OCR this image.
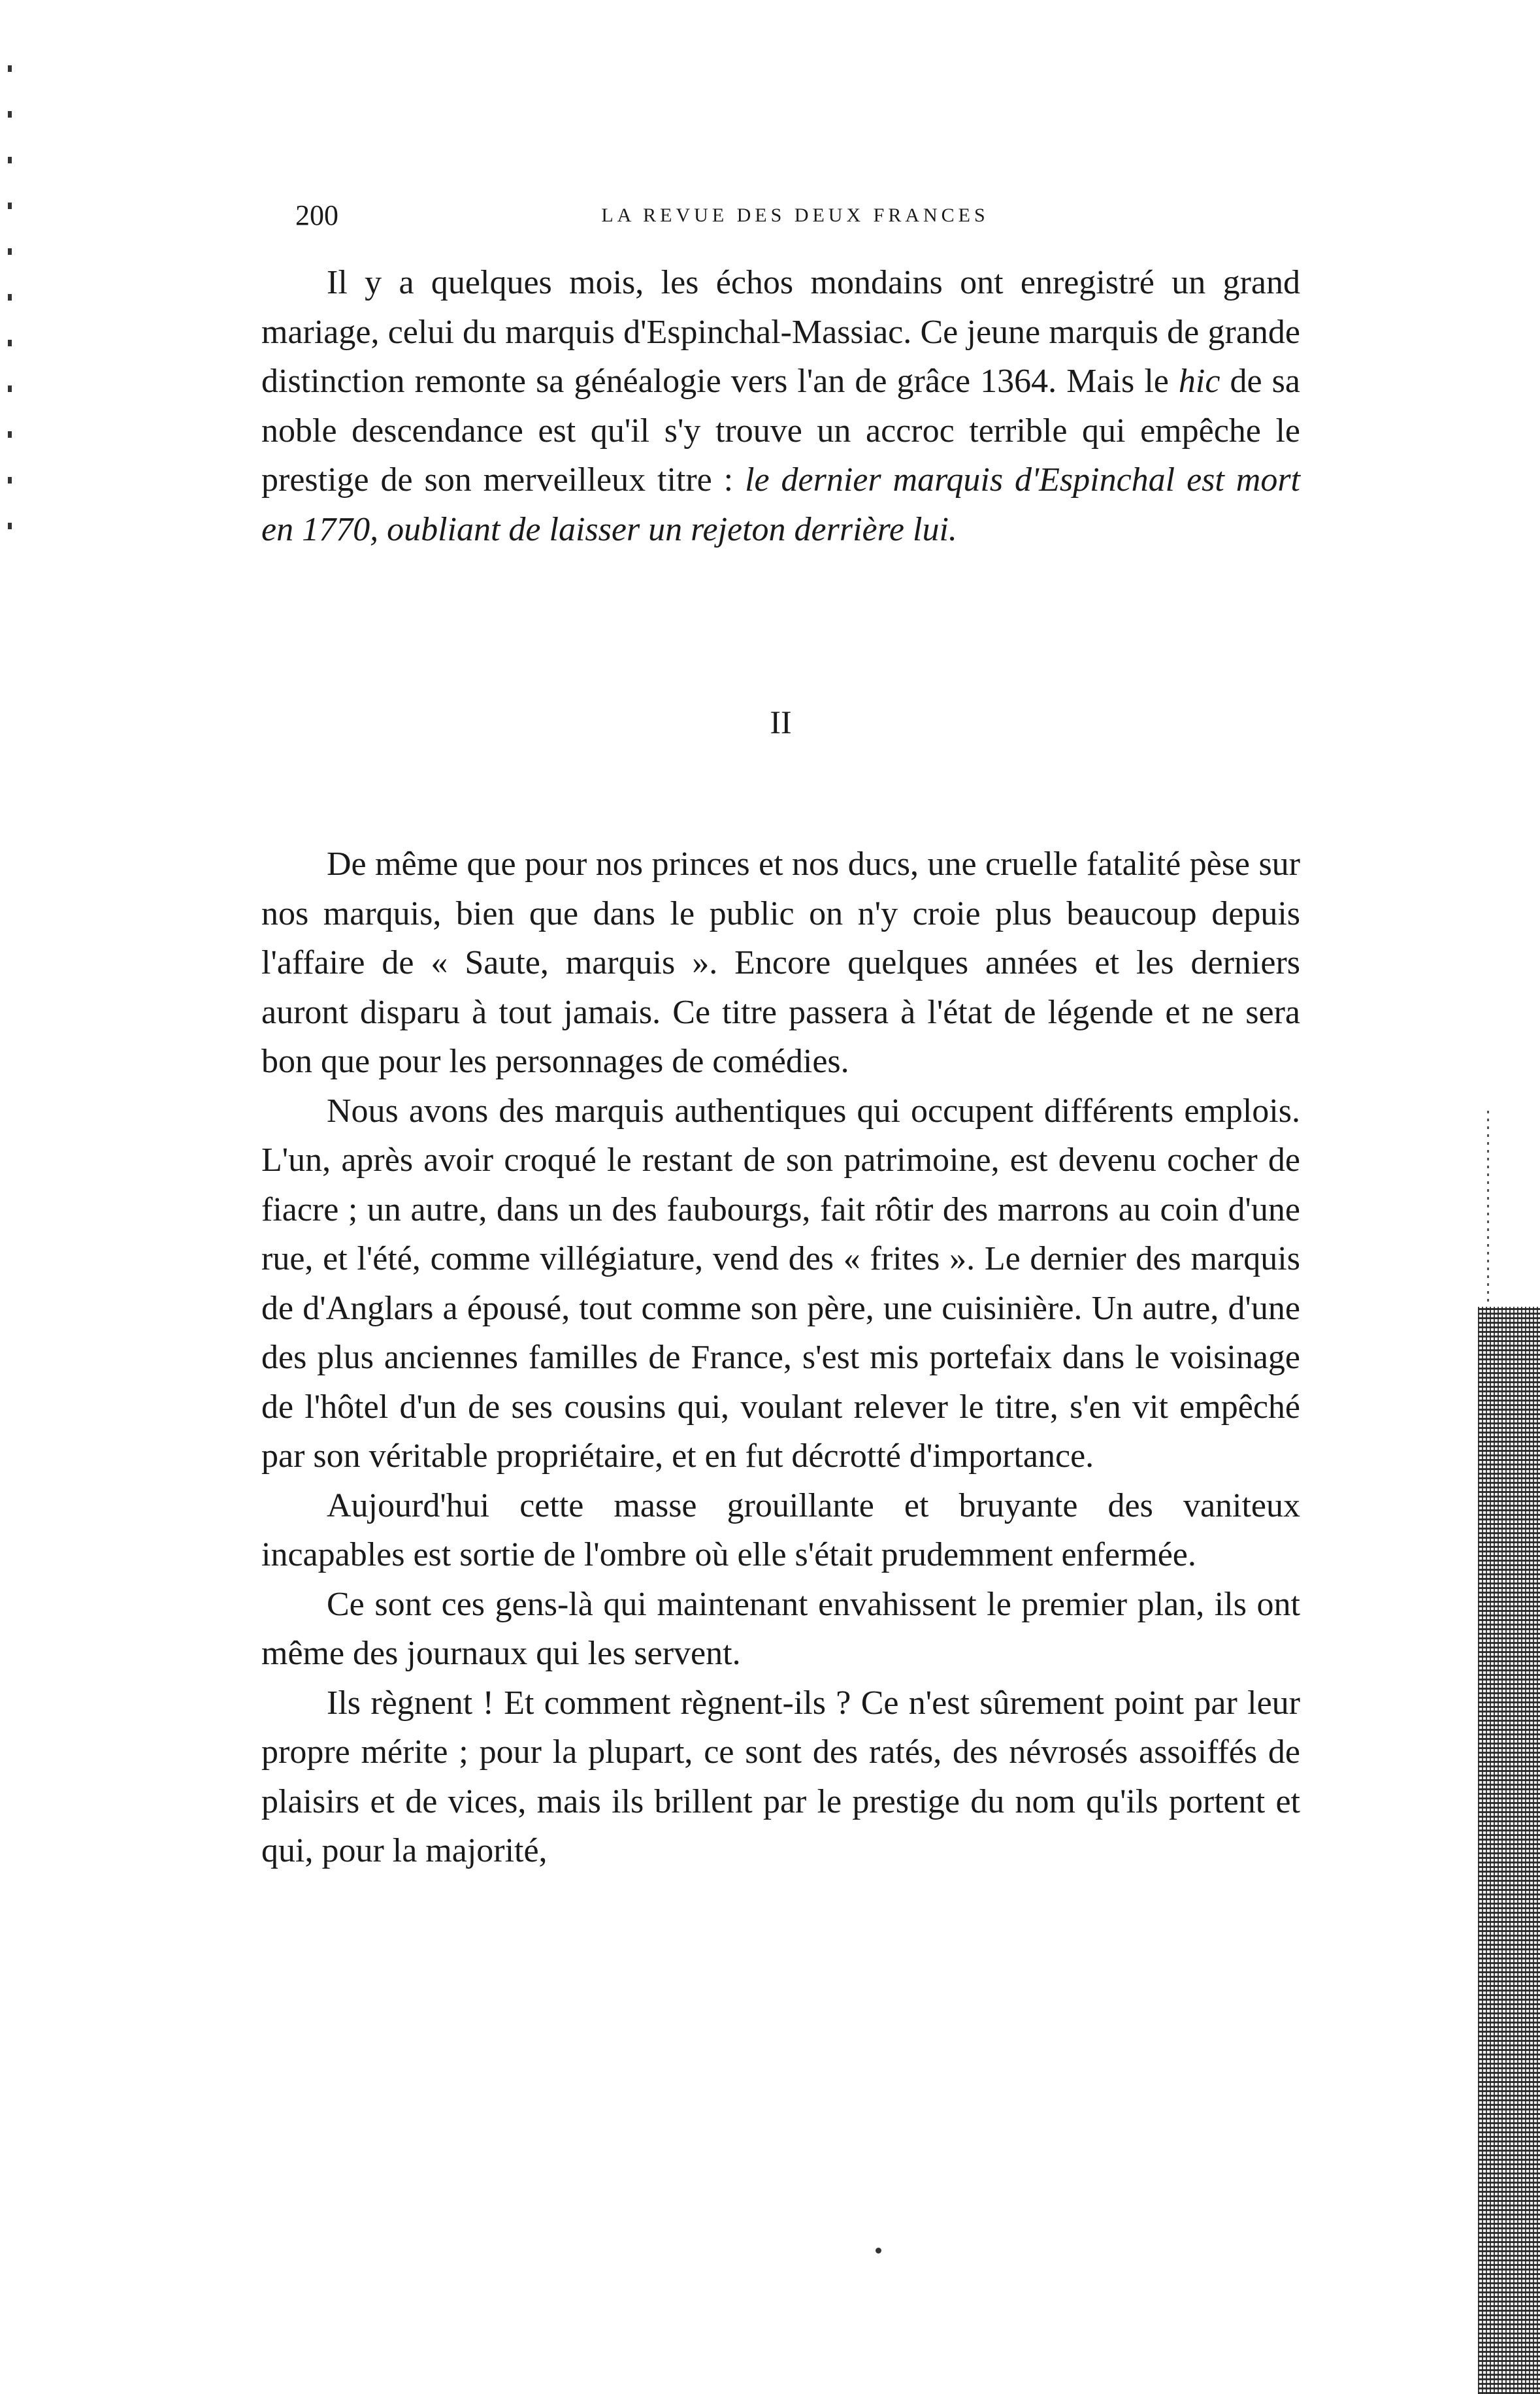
200	LA REVUE DES DEUX FRANCES

Il y a quelques mois, les échos mondains ont enregistré un grand mariage, celui du marquis d'Espinchal-Massiac. Ce jeune marquis de grande distinction remonte sa généalogie vers l'an de grâce 1364. Mais le hic de sa noble descendance est qu'il s'y trouve un accroc terrible qui empêche le prestige de son merveilleux titre : le dernier marquis d'Espinchal est mort en 1770, oubliant de laisser un rejeton derrière lui.

II

De même que pour nos princes et nos ducs, une cruelle fatalité pèse sur nos marquis, bien que dans le public on n'y croie plus beaucoup depuis l'affaire de « Saute, marquis ». Encore quelques années et les derniers auront disparu à tout jamais. Ce titre passera à l'état de légende et ne sera bon que pour les personnages de comédies.

Nous avons des marquis authentiques qui occupent différents emplois. L'un, après avoir croqué le restant de son patrimoine, est devenu cocher de fiacre ; un autre, dans un des faubourgs, fait rôtir des marrons au coin d'une rue, et l'été, comme villégiature, vend des « frites ». Le dernier des marquis de d'Anglars a épousé, tout comme son père, une cuisinière. Un autre, d'une des plus anciennes familles de France, s'est mis portefaix dans le voisinage de l'hôtel d'un de ses cousins qui, voulant relever le titre, s'en vit empêché par son véritable propriétaire, et en fut décrotté d'importance.

Aujourd'hui cette masse grouillante et bruyante des vaniteux incapables est sortie de l'ombre où elle s'était prudemment enfermée.

Ce sont ces gens-là qui maintenant envahissent le premier plan, ils ont même des journaux qui les servent.

Ils règnent ! Et comment règnent-ils ? Ce n'est sûrement point par leur propre mérite ; pour la plupart, ce sont des ratés, des névrosés assoiffés de plaisirs et de vices, mais ils brillent par le prestige du nom qu'ils portent et qui, pour la majorité,
